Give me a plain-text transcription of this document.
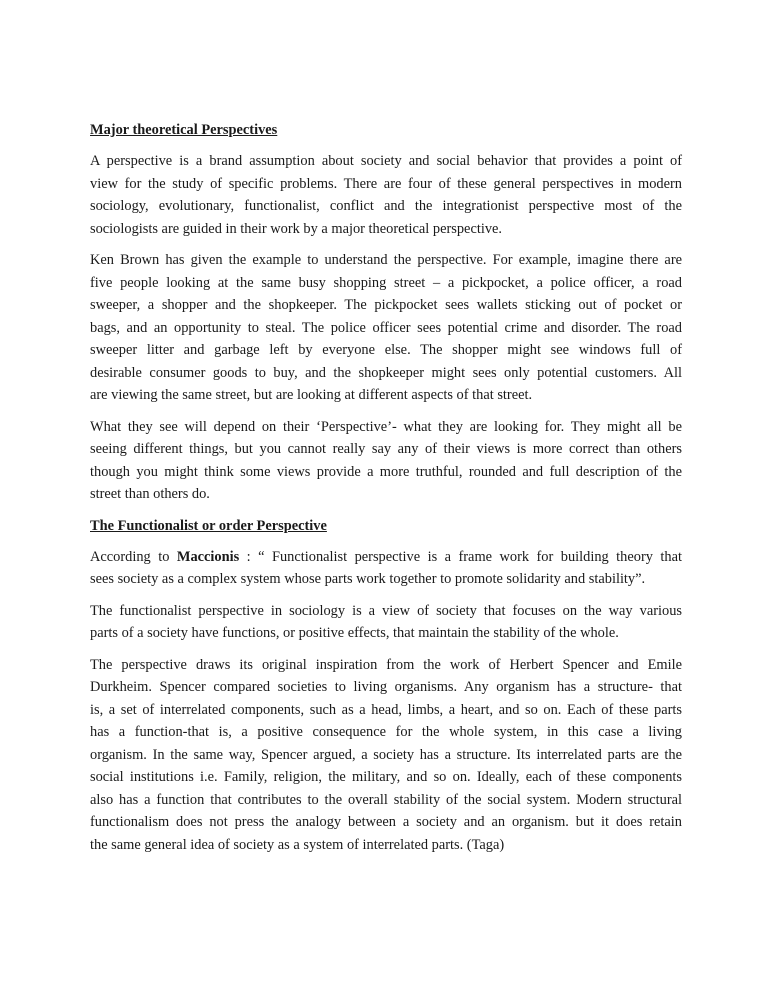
Major theoretical Perspectives
A perspective is a brand assumption about society and social behavior that provides a point of
view for the study of specific problems. There are four of these general perspectives in modern
sociology, evolutionary, functionalist, conflict and the integrationist perspective most of the
sociologists are guided in their work by a major theoretical perspective.
Ken Brown has given the example to understand the perspective. For example, imagine there are
five people looking at the same busy shopping street – a pickpocket, a police officer, a road
sweeper, a shopper and the shopkeeper. The pickpocket sees wallets sticking out of pocket or
bags, and an opportunity to steal. The police officer sees potential crime and disorder. The road
sweeper litter and garbage left by everyone else. The shopper might see windows full of
desirable consumer goods to buy, and the shopkeeper might sees only potential customers. All
are viewing the same street, but are looking at different aspects of that street.
What they see will depend on their ‘Perspective’- what they are looking for. They might all be
seeing different things, but you cannot really say any of their views is more correct than others
though you might think some views provide a more truthful, rounded and full description of the
street than others do.
The Functionalist or order Perspective
According to Maccionis : “ Functionalist perspective is a frame work for building theory that
sees society as a complex system whose parts work together to promote solidarity and stability”.
The functionalist perspective in sociology is a view of society that focuses on the way various
parts of a society have functions, or positive effects, that maintain the stability of the whole.
The perspective draws its original inspiration from the work of Herbert Spencer and Emile
Durkheim. Spencer compared societies to living organisms. Any organism has a structure- that
is, a set of interrelated components, such as a head, limbs, a heart, and so on. Each of these parts
has a function-that is, a positive consequence for the whole system, in this case a living
organism. In the same way, Spencer argued, a society has a structure. Its interrelated parts are the
social institutions i.e. Family, religion, the military, and so on. Ideally, each of these components
also has a function that contributes to the overall stability of the social system. Modern structural
functionalism does not press the analogy between a society and an organism. but it does retain
the same general idea of society as a system of interrelated parts. (Taga)
